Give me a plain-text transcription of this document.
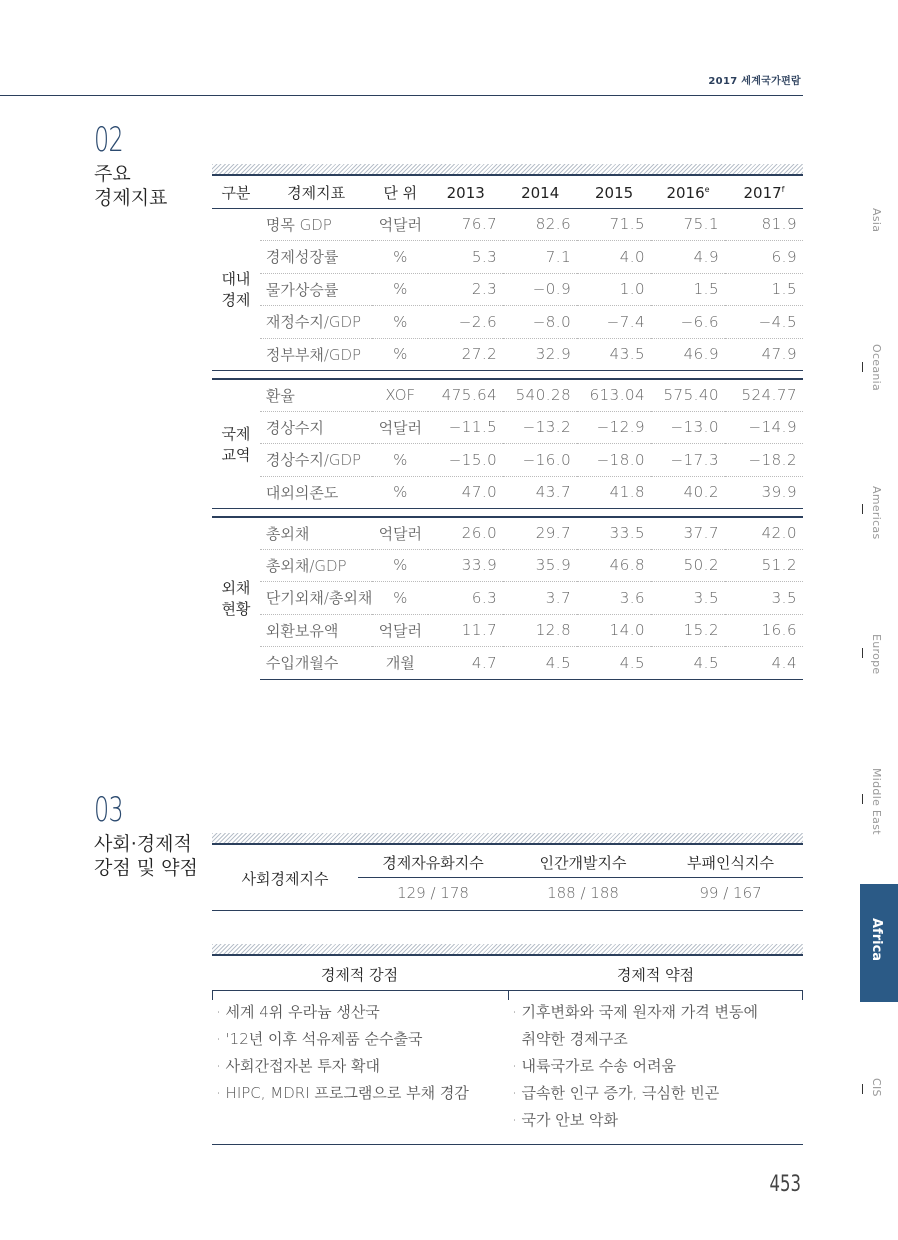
2017 세계국가편람
02
주요
경제지표	구분	경제지표	단 위	2013	2014	2015	2016e	2017$^f$

대내
경제	명목 GDP	억달러	76.7	82.6	71.5	75.1	81.9
	경제성장률	%	5.3	7.1	4.0	4.9	6.9
	물가상승률	%	2.3	−0.9	1.0	1.5	1.5
	재정수지/GDP	%	−2.6	−8.0	−7.4	−6.6	−4.5
	정부부채/GDP	%	27.2	32.9	43.5	46.9	47.9

국제
교역	환율	XOF	475.64	540.28	613.04	575.40	524.77
	경상수지	억달러	−11.5	−13.2	−12.9	−13.0	−14.9
	경상수지/GDP	%	−15.0	−16.0	−18.0	−17.3	−18.2
	대외의존도	%	47.0	43.7	41.8	40.2	39.9

외채
현황	총외채	억달러	26.0	29.7	33.5	37.7	42.0
	총외채/GDP	%	33.9	35.9	46.8	50.2	51.2
	단기외채/총외채	%	6.3	3.7	3.6	3.5	3.5
	외환보유액	억달러	11.7	12.8	14.0	15.2	16.6
	수입개월수	개월	4.7	4.5	4.5	4.5	4.4
03
사회·경제적
강점 및 약점	사회경제지수
경제자유화지수	인간개발지수	부패인식지수
129 / 178	188 / 188	99 / 167
경제적 강점	경제적 약점
· 세계 4위 우라늄 생산국
· '12년 이후 석유제품 순수출국
· 사회간접자본 투자 확대
· HIPC, MDRI 프로그램으로 부채 경감
· 기후변화와 국제 원자재 가격 변동에
취약한 경제구조
· 내륙국가로 수송 어려움
· 급속한 인구 증가, 극심한 빈곤
· 국가 안보 악화
Asia
Oceania
Americas
Europe
Middle East
Africa
CIS
453
